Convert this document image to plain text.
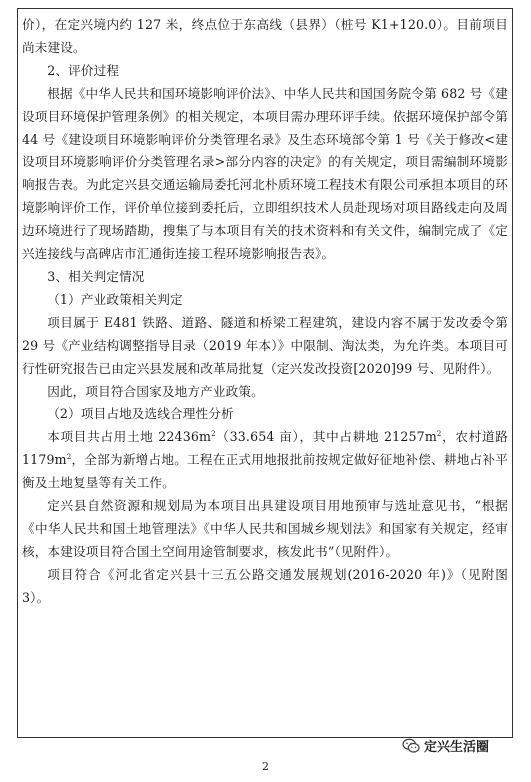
价），在定兴境内约 127 米，终点位于东高线（县界）（桩号 K1+120.0）。目前项目尚未建设。

2、评价过程

根据《中华人民共和国环境影响评价法》、中华人民共和国国务院令第 682 号《建设项目环境保护管理条例》的相关规定，本项目需办理环评手续。依据环境保护部令第 44 号《建设项目环境影响评价分类管理名录》及生态环境部令第 1 号《关于修改<建设项目环境影响评价分类管理名录>部分内容的决定》的有关规定，项目需编制环境影响报告表。为此定兴县交通运输局委托河北朴质环境工程技术有限公司承担本项目的环境影响评价工作，评价单位接到委托后，立即组织技术人员赴现场对项目路线走向及周边环境进行了现场踏勘，搜集了与本项目有关的技术资料和有关文件，编制完成了《定兴连接线与高碑店市汇通街连接工程环境影响报告表》。

3、相关判定情况

（1）产业政策相关判定

项目属于 E481 铁路、道路、隧道和桥梁工程建筑，建设内容不属于发改委令第 29 号《产业结构调整指导目录（2019 年本）》中限制、淘汰类，为允许类。本项目可行性研究报告已由定兴县发展和改革局批复（定兴发改投资[2020]99 号、见附件）。

因此，项目符合国家及地方产业政策。

（2）项目占地及选线合理性分析

本项目共占用土地 $22436m^2(33.654$ 亩），其中占耕地 $21257m^2$，农村道路 $1179m^2$，全部为新增占地。工程在正式用地报批前按规定做好征地补偿、耕地占补平衡及土地复垦等有关工作。

定兴县自然资源和规划局为本项目出具建设项目用地预审与选址意见书，“根据《中华人民共和国土地管理法》《中华人民共和国城乡规划法》和国家有关规定，经审核，本建设项目符合国土空间用途管制要求，核发此书”（见附件）。

项目符合《河北省定兴县十三五公路交通发展规划(2016-2020 年)》（见附图 3）。

定兴生活圈
2
